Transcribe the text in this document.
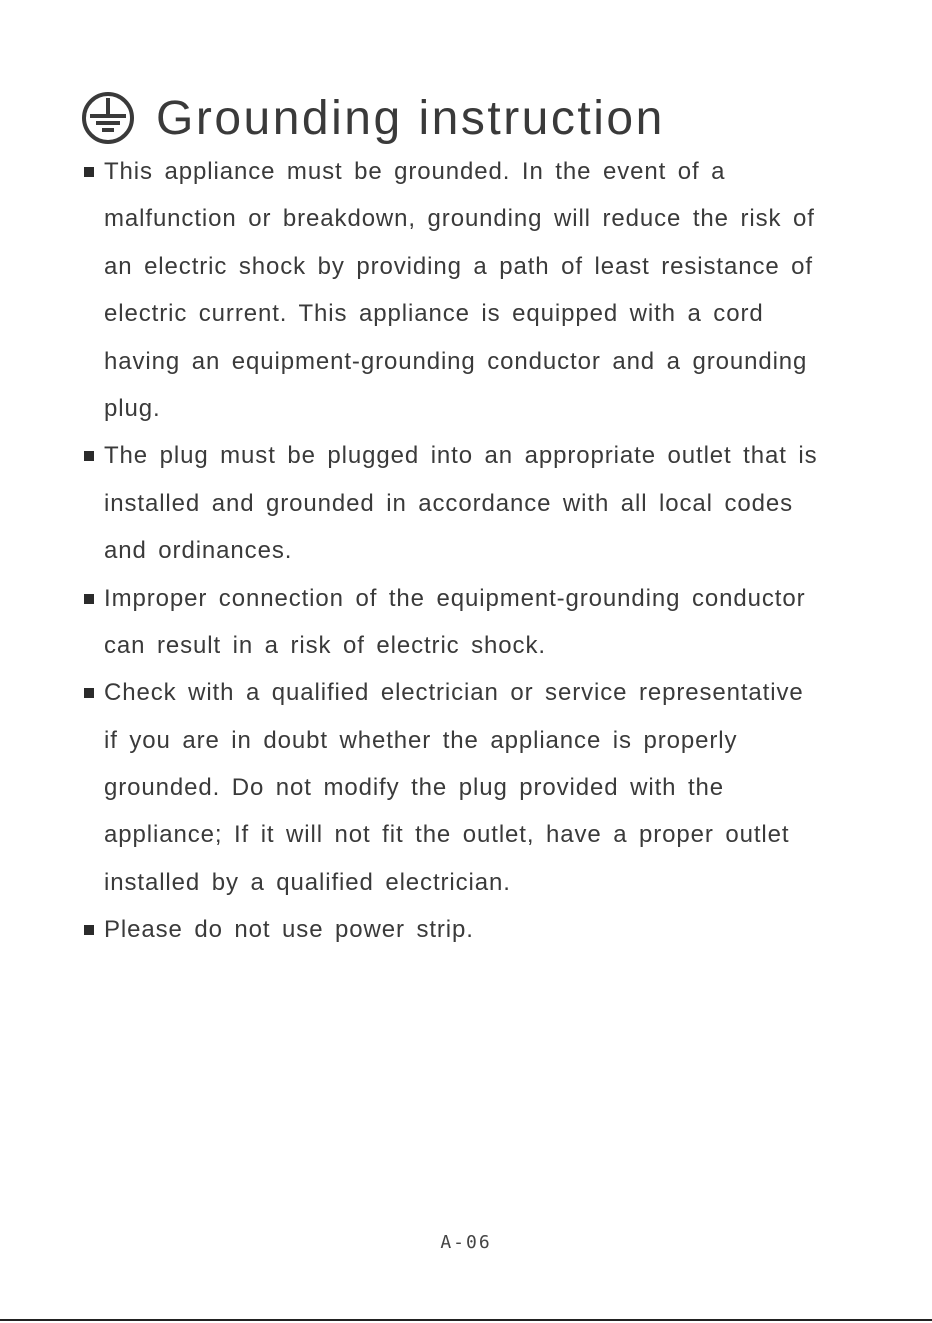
Grounding instruction
This appliance must be grounded. In the event of a
malfunction or breakdown, grounding will reduce the risk of
an electric shock by providing a path of least resistance of
electric current. This appliance is equipped with a cord
having an equipment-grounding conductor and a grounding
plug.
The plug must be plugged into an appropriate outlet that is
installed and grounded in accordance with all local codes
and ordinances.
Improper connection of the equipment-grounding conductor
can result in a risk of electric shock.
Check with a qualified electrician or service representative
if you are in doubt whether the appliance is properly
grounded. Do not modify the plug provided with the
appliance; If it will not fit the outlet, have a proper outlet
installed by a qualified electrician.
Please do not use power strip.
A-06
